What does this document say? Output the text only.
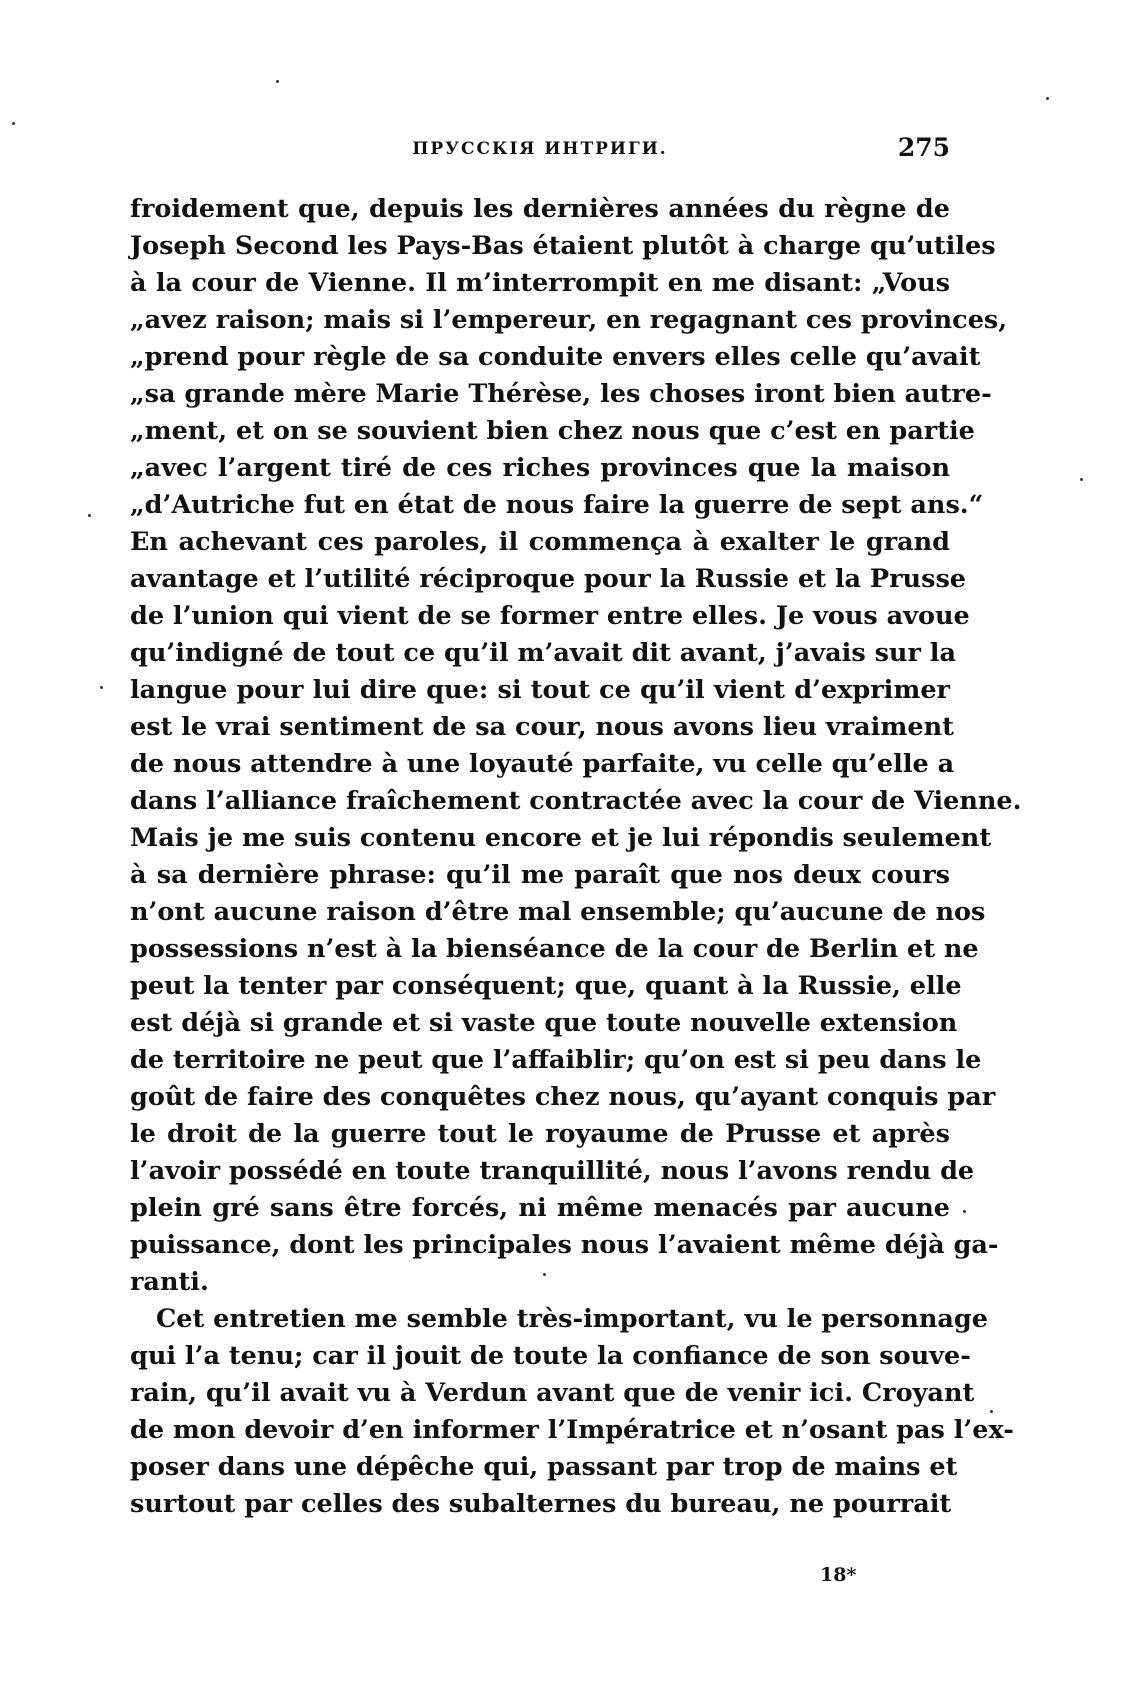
ПРУССКІЯ ИНТРИГИ.	275
froidement que, depuis les dernières années du règne de
Joseph Second les Pays-Bas étaient plutôt à charge qu’utiles
à la cour de Vienne. Il m’interrompit en me disant: „Vous
„avez raison; mais si l’empereur, en regagnant ces provinces,
„prend pour règle de sa conduite envers elles celle qu’avait
„sa grande mère Marie Thérèse, les choses iront bien autre-
„ment, et on se souvient bien chez nous que c’est en partie
„avec l’argent tiré de ces riches provinces que la maison
„d’Autriche fut en état de nous faire la guerre de sept ans.“
En achevant ces paroles, il commença à exalter le grand
avantage et l’utilité réciproque pour la Russie et la Prusse
de l’union qui vient de se former entre elles. Je vous avoue
qu’indigné de tout ce qu’il m’avait dit avant, j’avais sur la
langue pour lui dire que: si tout ce qu’il vient d’exprimer
est le vrai sentiment de sa cour, nous avons lieu vraiment
de nous attendre à une loyauté parfaite, vu celle qu’elle a
dans l’alliance fraîchement contractée avec la cour de Vienne.
Mais je me suis contenu encore et je lui répondis seulement
à sa dernière phrase: qu’il me paraît que nos deux cours
n’ont aucune raison d’être mal ensemble; qu’aucune de nos
possessions n’est à la bienséance de la cour de Berlin et ne
peut la tenter par conséquent; que, quant à la Russie, elle
est déjà si grande et si vaste que toute nouvelle extension
de territoire ne peut que l’affaiblir; qu’on est si peu dans le
goût de faire des conquêtes chez nous, qu’ayant conquis par
le droit de la guerre tout le royaume de Prusse et après
l’avoir possédé en toute tranquillité, nous l’avons rendu de
plein gré sans être forcés, ni même menacés par aucune
puissance, dont les principales nous l’avaient même déjà ga-
ranti.
Cet entretien me semble très-important, vu le personnage
qui l’a tenu; car il jouit de toute la confiance de son souve-
rain, qu’il avait vu à Verdun avant que de venir ici. Croyant
de mon devoir d’en informer l’Impératrice et n’osant pas l’ex-
poser dans une dépêche qui, passant par trop de mains et
surtout par celles des subalternes du bureau, ne pourrait
18*
